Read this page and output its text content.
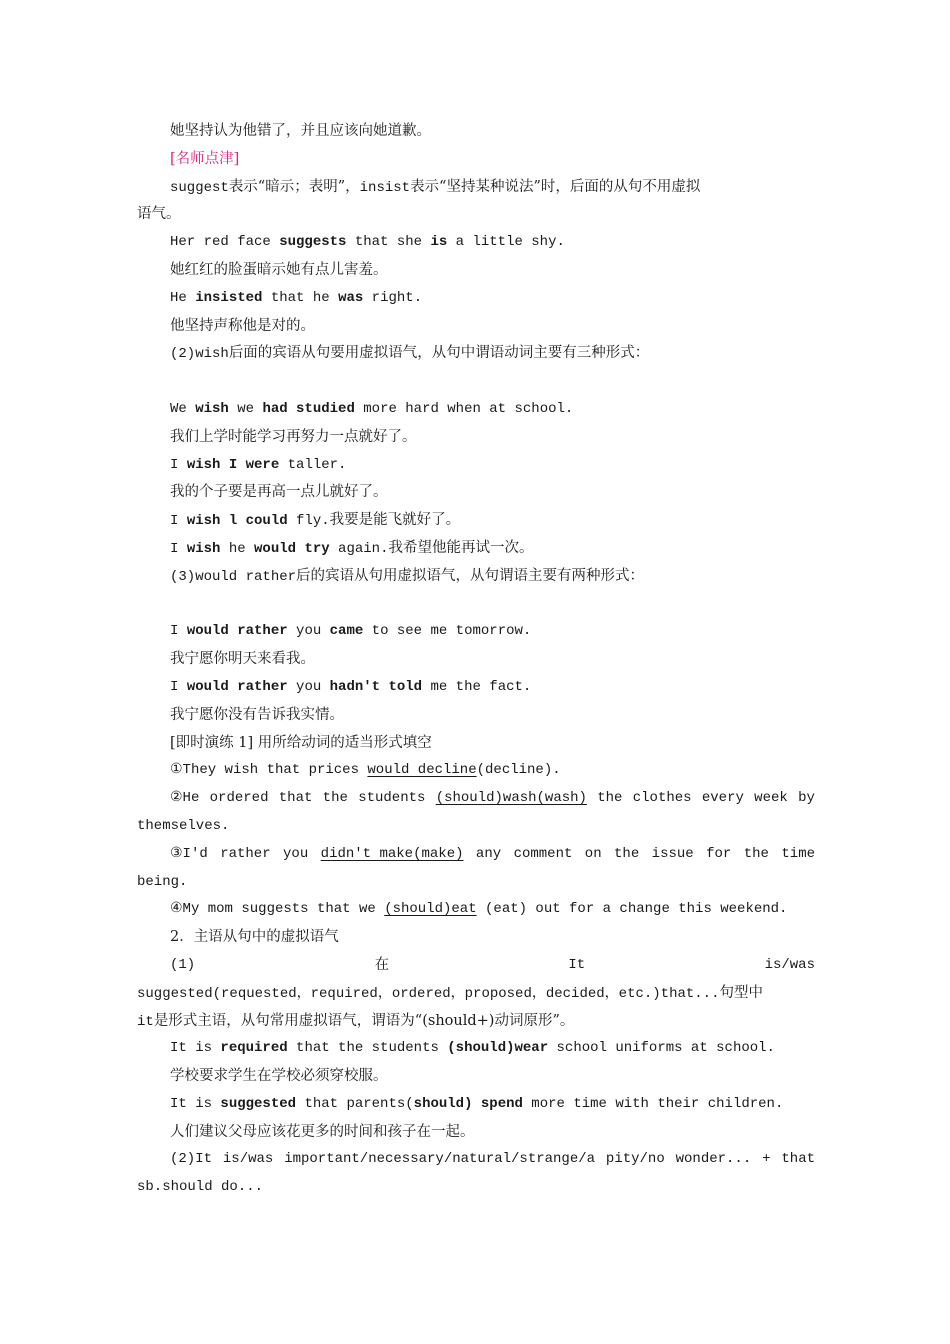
她坚持认为他错了，并且应该向她道歉。
[名师点津]
suggest表示“暗示；表明”，insist表示“坚持某种说法”时，后面的从句不用虚拟
语气。
Her red face suggests that she is a little shy.
她红红的脸蛋暗示她有点儿害羞。
He insisted that he was right.
他坚持声称他是对的。
(2)wish后面的宾语从句要用虚拟语气，从句中谓语动词主要有三种形式：
We wish we had studied more hard when at school.
我们上学时能学习再努力一点就好了。
I wish I were taller.
我的个子要是再高一点儿就好了。
I wish l could fly.我要是能飞就好了。
I wish he would try again.我希望他能再试一次。
(3)would rather后的宾语从句用虚拟语气，从句谓语主要有两种形式：
I would rather you came to see me tomorrow.
我宁愿你明天来看我。
I would rather you hadn't told me the fact.
我宁愿你没有告诉我实情。
[即时演练 1] 用所给动词的适当形式填空
①They wish that prices would decline(decline).
②He ordered that the students (should)wash(wash) the clothes every week by
themselves.
③I'd rather you didn't make(make) any comment on the issue for the time
being.
④My mom suggests that we (should)eat (eat) out for a change this weekend.
2．主语从句中的虚拟语气
(1)	在	It	is/was
suggested(requested，required，ordered，proposed，decided，etc.)that...句型中
it是形式主语，从句常用虚拟语气，谓语为“(should+)动词原形”。
It is required that the students (should)wear school uniforms at school.
学校要求学生在学校必须穿校服。
It is suggested that parents(should) spend more time with their children.
人们建议父母应该花更多的时间和孩子在一起。
(2)It is/was important/necessary/natural/strange/a pity/no wonder... + that
sb.should do...
